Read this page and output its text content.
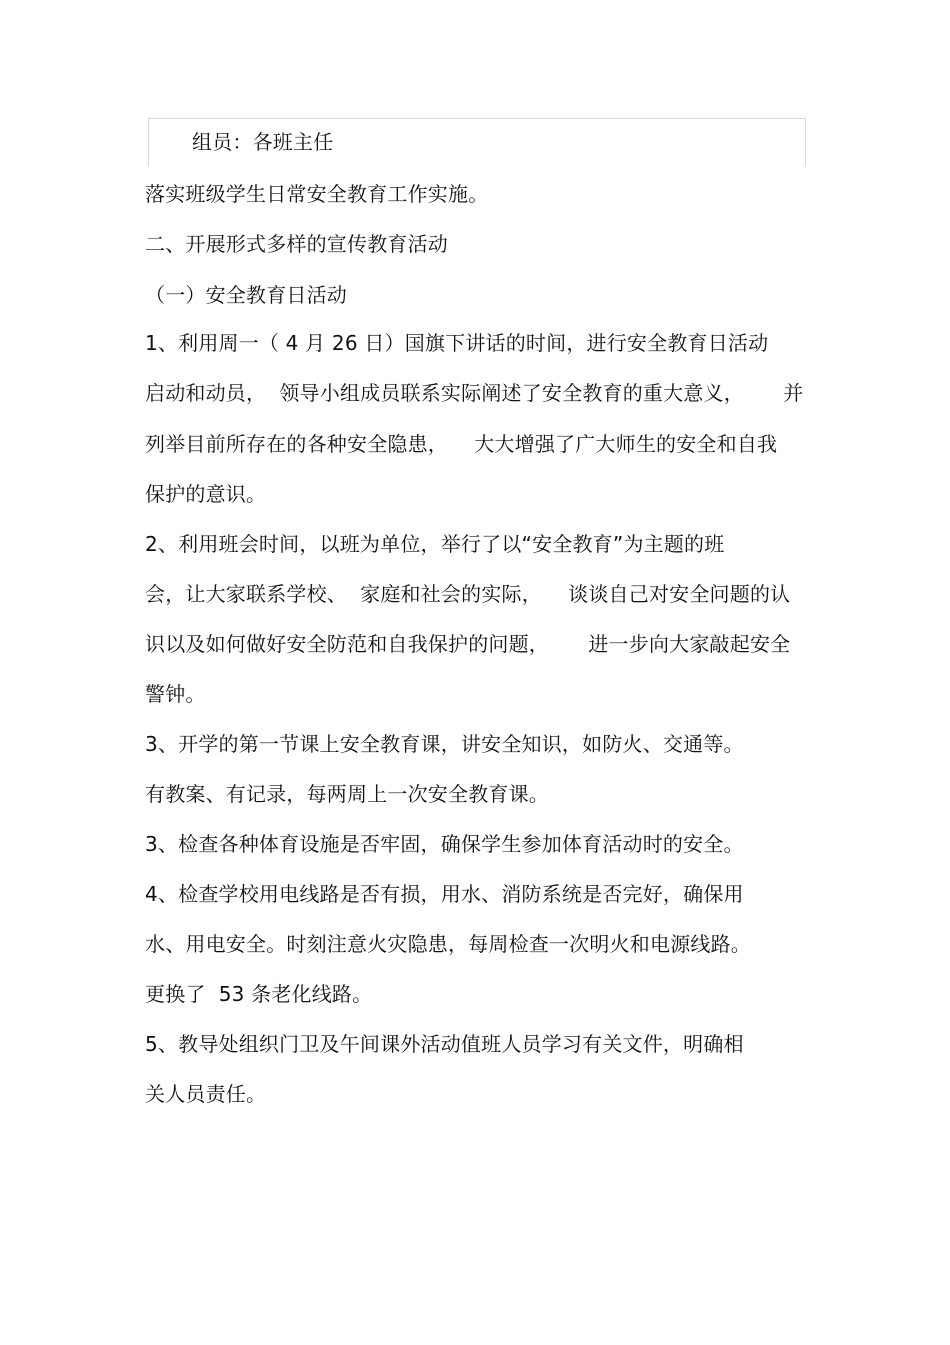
组员：各班主任
落实班级学生日常安全教育工作实施。
二、开展形式多样的宣传教育活动
（一）安全教育日活动
1、利用周一（ 4 月 26 日）国旗下讲话的时间，进行安全教育日活动
启动和动员，  领导小组成员联系实际阐述了安全教育的重大意义，      并
列举目前所存在的各种安全隐患，    大大增强了广大师生的安全和自我
保护的意识。
2、利用班会时间，以班为单位，举行了以“安全教育”为主题的班
会，让大家联系学校、  家庭和社会的实际，    谈谈自己对安全问题的认
识以及如何做好安全防范和自我保护的问题，      进一步向大家敲起安全
警钟。
3、开学的第一节课上安全教育课，讲安全知识，如防火、交通等。
有教案、有记录，每两周上一次安全教育课。
3、检查各种体育设施是否牢固，确保学生参加体育活动时的安全。
4、检查学校用电线路是否有损，用水、消防系统是否完好，确保用
水、用电安全。时刻注意火灾隐患，每周检查一次明火和电源线路。
更换了  53 条老化线路。
5、教导处组织门卫及午间课外活动值班人员学习有关文件，明确相
关人员责任。
